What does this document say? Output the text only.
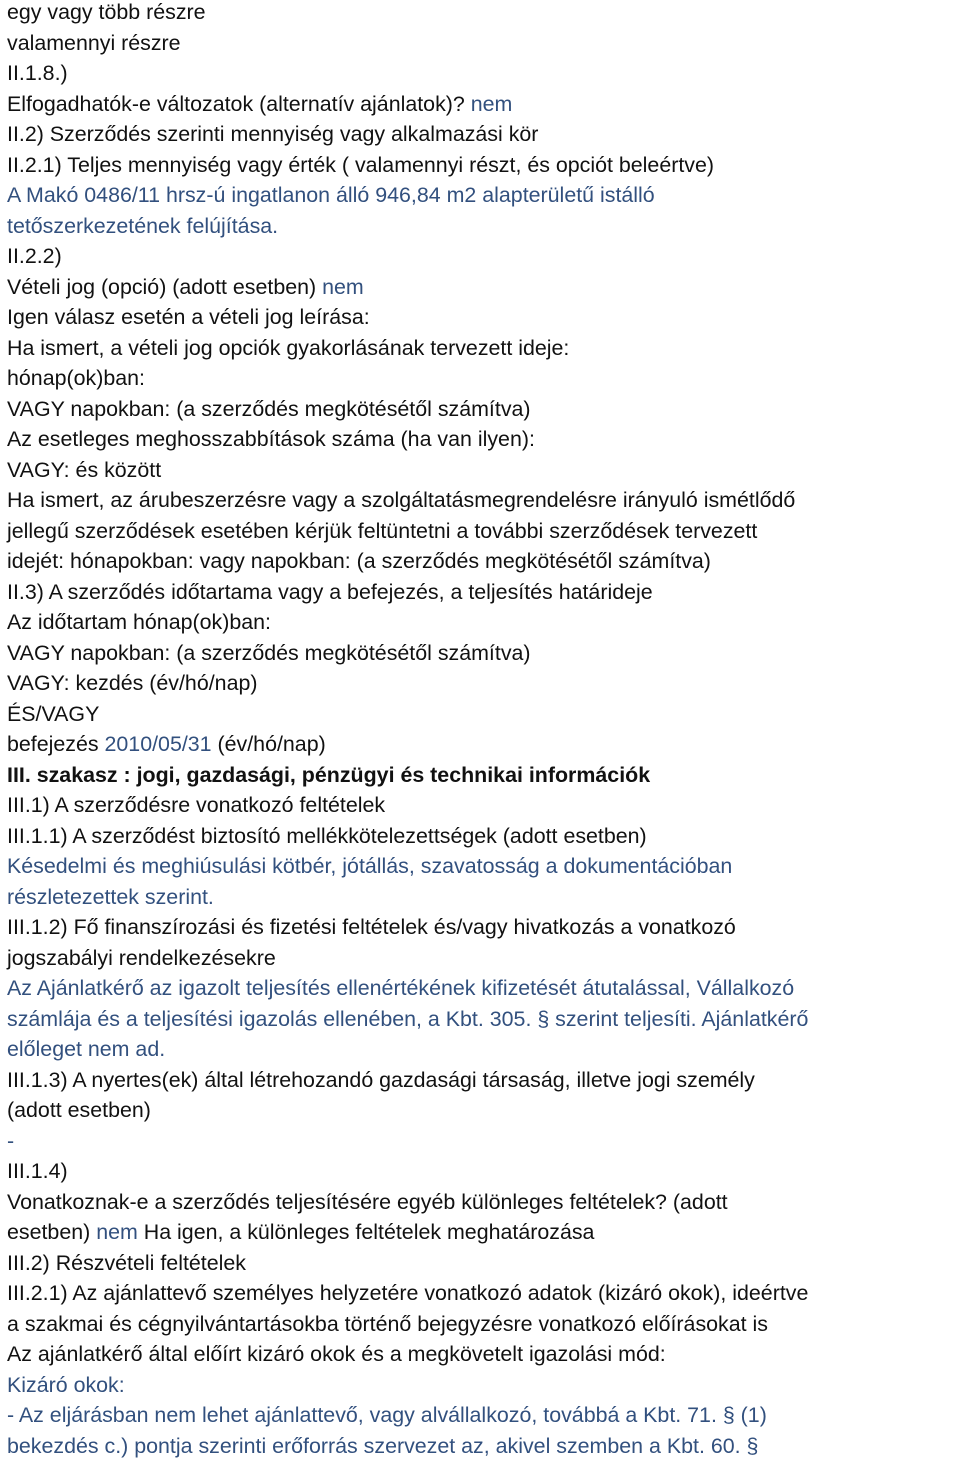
egy vagy több részre
valamennyi részre
II.1.8.)
Elfogadhatók-e változatok (alternatív ajánlatok)? nem
II.2) Szerződés szerinti mennyiség vagy alkalmazási kör
II.2.1) Teljes mennyiség vagy érték ( valamennyi részt, és opciót beleértve)
A Makó 0486/11 hrsz-ú ingatlanon álló 946,84 m2 alapterületű istálló
tetőszerkezetének felújítása.
II.2.2)
Vételi jog (opció) (adott esetben) nem
Igen válasz esetén a vételi jog leírása:
Ha ismert, a vételi jog opciók gyakorlásának tervezett ideje:
hónap(ok)ban:
VAGY napokban: (a szerződés megkötésétől számítva)
Az esetleges meghosszabbítások száma (ha van ilyen):
VAGY: és között
Ha ismert, az árubeszerzésre vagy a szolgáltatásmegrendelésre irányuló ismétlődő
jellegű szerződések esetében kérjük feltüntetni a további szerződések tervezett
idejét: hónapokban: vagy napokban: (a szerződés megkötésétől számítva)
II.3) A szerződés időtartama vagy a befejezés, a teljesítés határideje
Az időtartam hónap(ok)ban:
VAGY napokban: (a szerződés megkötésétől számítva)
VAGY: kezdés (év/hó/nap)
ÉS/VAGY
befejezés 2010/05/31 (év/hó/nap)
III. szakasz : jogi, gazdasági, pénzügyi és technikai információk
III.1) A szerződésre vonatkozó feltételek
III.1.1) A szerződést biztosító mellékkötelezettségek (adott esetben)
Késedelmi és meghiúsulási kötbér, jótállás, szavatosság a dokumentációban
részletezettek szerint.
III.1.2) Fő finanszírozási és fizetési feltételek és/vagy hivatkozás a vonatkozó
jogszabályi rendelkezésekre
Az Ajánlatkérő az igazolt teljesítés ellenértékének kifizetését átutalással, Vállalkozó
számlája és a teljesítési igazolás ellenében, a Kbt. 305. § szerint teljesíti. Ajánlatkérő
előleget nem ad.
III.1.3) A nyertes(ek) által létrehozandó gazdasági társaság, illetve jogi személy
(adott esetben)
-
III.1.4)
Vonatkoznak-e a szerződés teljesítésére egyéb különleges feltételek? (adott
esetben) nem Ha igen, a különleges feltételek meghatározása
III.2) Részvételi feltételek
III.2.1) Az ajánlattevő személyes helyzetére vonatkozó adatok (kizáró okok), ideértve
a szakmai és cégnyilvántartásokba történő bejegyzésre vonatkozó előírásokat is
Az ajánlatkérő által előírt kizáró okok és a megkövetelt igazolási mód:
Kizáró okok:
- Az eljárásban nem lehet ajánlattevő, vagy alvállalkozó, továbbá a Kbt. 71. § (1)
bekezdés c.) pontja szerinti erőforrás szervezet az, akivel szemben a Kbt. 60. §
